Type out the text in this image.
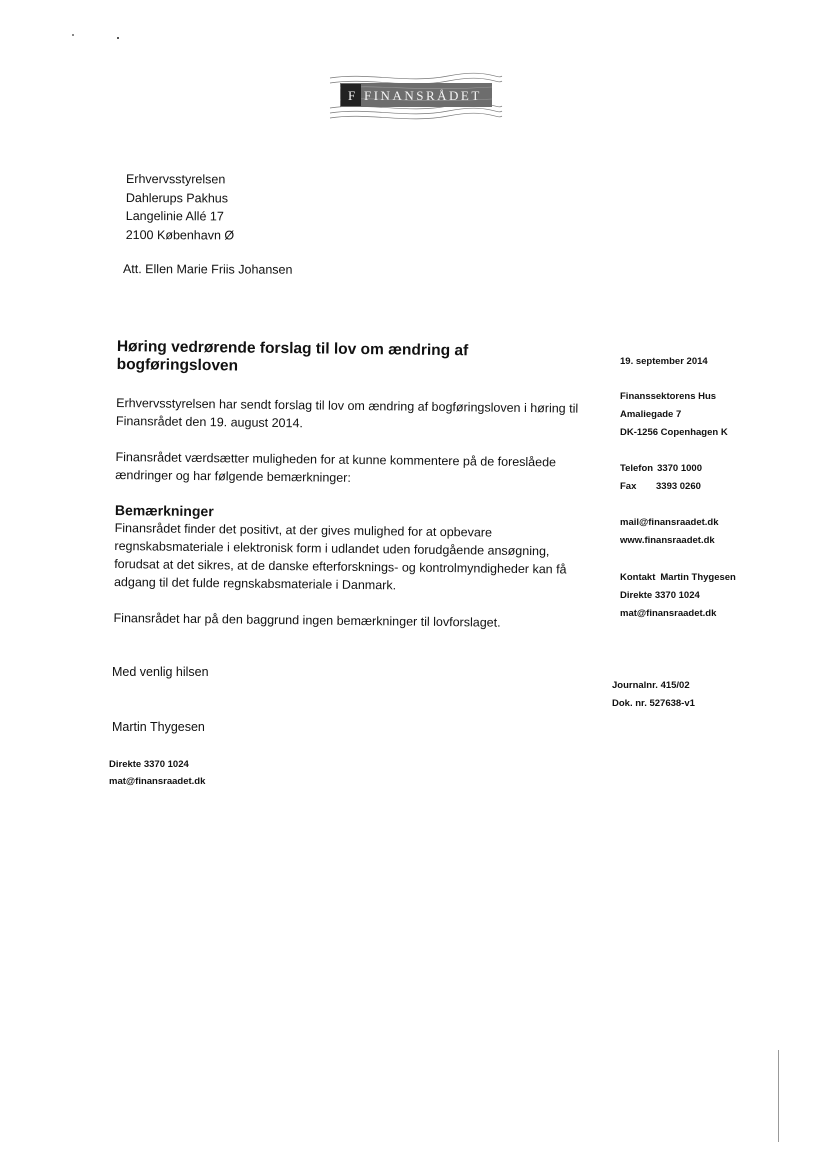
F FINANSRÅDET
Erhvervsstyrelsen
Dahlerups Pakhus
Langelinie Allé 17
2100 København Ø
Att. Ellen Marie Friis Johansen
Høring vedrørende forslag til lov om ændring af bogføringsloven

Erhvervsstyrelsen har sendt forslag til lov om ændring af bogføringsloven i høring til Finansrådet den 19. august 2014.

Finansrådet værdsætter muligheden for at kunne kommentere på de foreslåede ændringer og har følgende bemærkninger:

Bemærkninger

Finansrådet finder det positivt, at der gives mulighed for at opbevare regnskabsmateriale i elektronisk form i udlandet uden forudgående ansøgning, forudsat at det sikres, at de danske efterforsknings- og kontrolmyndigheder kan få adgang til det fulde regnskabsmateriale i Danmark.

Finansrådet har på den baggrund ingen bemærkninger til lovforslaget.

Med venlig hilsen
Martin Thygesen
Direkte 3370 1024
mat@finansraadet.dk
19. september 2014
Finanssektorens Hus
Amaliegade 7
DK-1256 Copenhagen K
Telefon 3370 1000
Fax	3393 0260
mail@finansraadet.dk
www.finansraadet.dk
Kontakt Martin Thygesen
Direkte 3370 1024
mat@finansraadet.dk
Journalnr. 415/02
Dok. nr. 527638-v1
